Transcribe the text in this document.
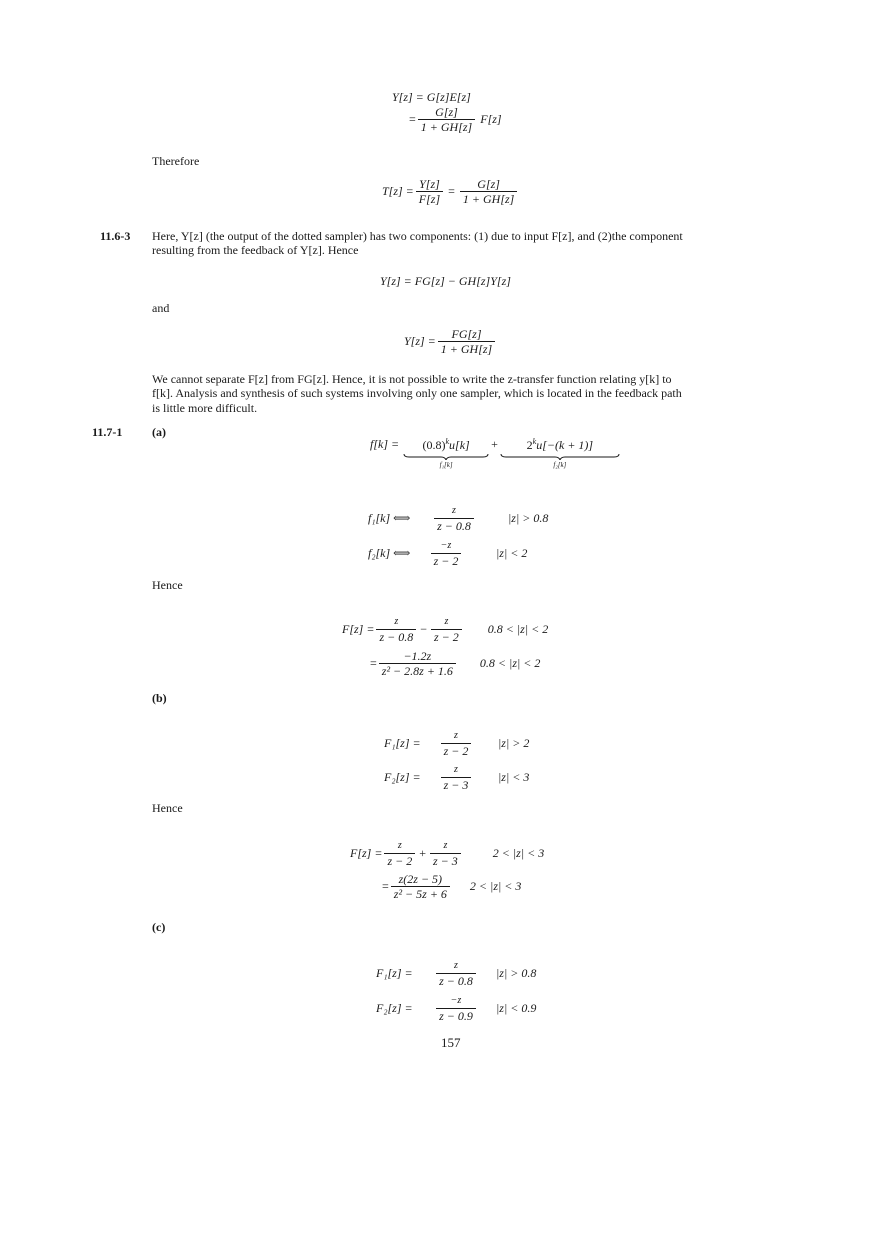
Y[z] = G[z]E[z]
= $\frac{G[z]}{1 + GH[z]} F[z]$
Therefore
$T[z] = \frac{Y[z]}{F[z]} = \frac{G[z]}{1 + GH[z]}$
11.6-3 Here, Y[z] (the output of the dotted sampler) has two components: (1) due to input F[z], and (2)the component
resulting from the feedback of Y[z]. Hence
Y[z] = FG[z] − GH[z]Y[z]
and
$Y[z] = \frac{FG[z]}{1 + GH[z]}$
We cannot separate F[z] from FG[z]. Hence, it is not possible to write the z-transfer function relating y[k] to
f[k]. Analysis and synthesis of such systems involving only one sampler, which is located in the feedback path
is little more difficult.
11.7-1 (a)
$f[k] = (0.8)^ku[k]$
f₁[k]
+ $2^ku[-(k + 1)]$
f₂[k]
f₁[k] ⟺	$\frac{z}{z - 0.8} |z| > 0.8$
f₂[k] ⟺	$\frac{-z}{z - 2} |z| < 2$
Hence
$F[z] = \frac{z}{z - 0.8} - \frac{z}{z - 2} 0.8 < |z| < 2$
= $\frac{-1.2z}{\text{z² − 2.8z + 1.6}} 0.8 < |z| < 2$
(b)
F₁[z] =	$\frac{z}{z - 2} |z| > 2$
F₂[z] =	$\frac{z}{z - 3} |z| < 3$
Hence
$F[z] = \frac{z}{z - 2} + \frac{z}{z - 3}$	2 < |z| < 3
= $\frac{z(2z - 5)}{\text{z² − 5z + 6}} 2 < |z| < 3$
(c)
F₁[z] =	$\frac{z}{z - 0.8} |z| > 0.8$
F₂[z] =	$\frac{-z}{z - 0.9} |z| < 0.9$
157
